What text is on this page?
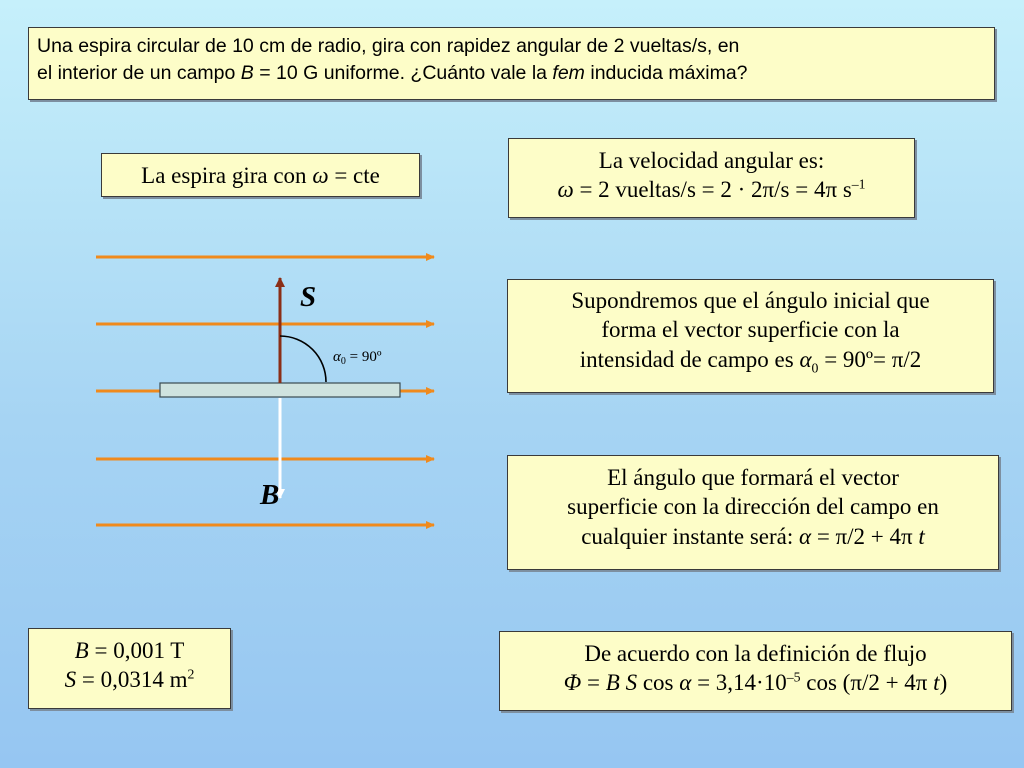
Una espira circular de 10 cm de radio, gira con rapidez angular de 2 vueltas/s, en
el interior de un campo B = 10 G uniforme. ¿Cuánto vale la fem inducida máxima?

La espira gira con ω = cte

La velocidad angular es:

ω = 2 vueltas/s = 2 · 2π/s = 4π $s^{-1}$

Supondremos que el ángulo inicial que

forma el vector superficie con la

intensidad de campo es $\alpha_0$ = 90º= π/2

El ángulo que formará el vector

superficie con la dirección del campo en

cualquier instante será: α = π/2 + 4π t

B = 0,001 T

S = 0,0314 $m^2$

De acuerdo con la definición de flujo

Φ = B S $\cos \alpha = 3,14\cdot 10^{-5}$ cos (π/2 + 4π t)

S
B
$\alpha_0$ = 90º
